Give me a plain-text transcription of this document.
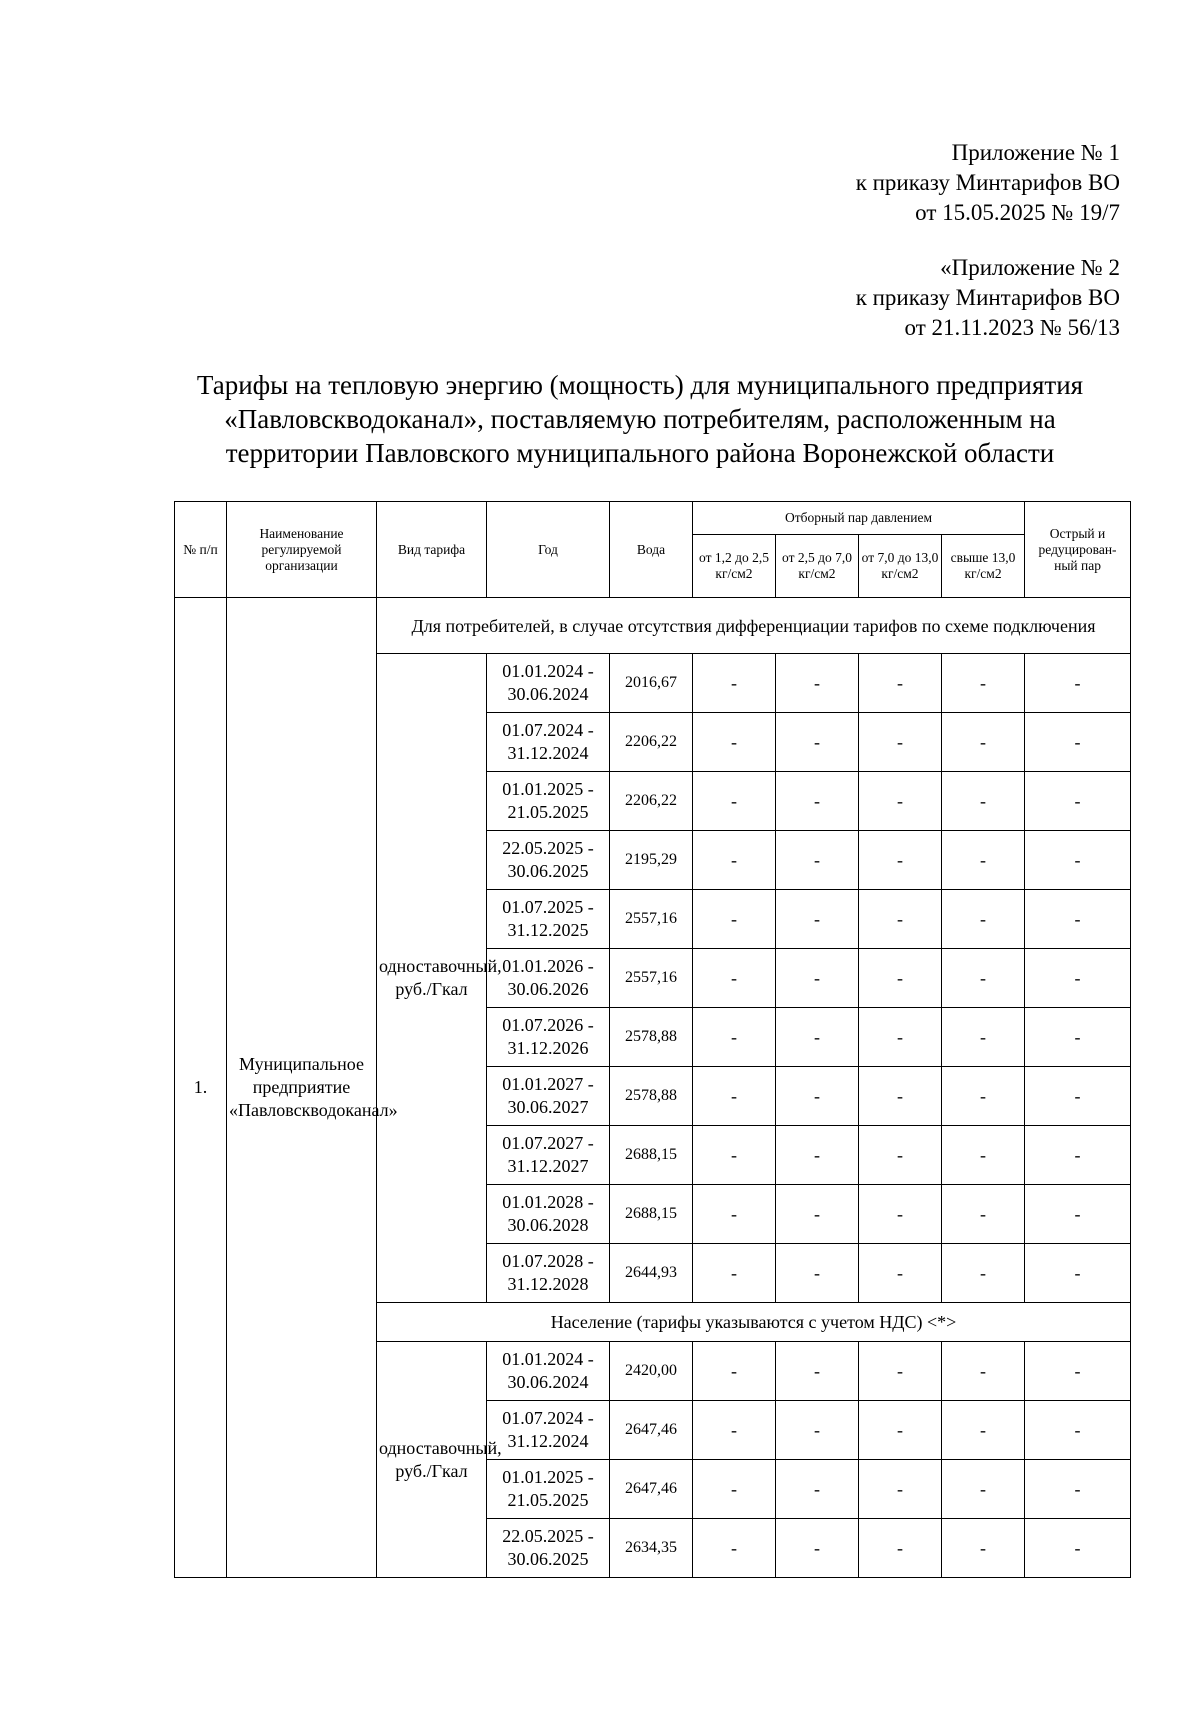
Приложение № 1
к приказу Минтарифов ВО
от 15.05.2025 № 19/7
«Приложение № 2
к приказу Минтарифов ВО
от 21.11.2023 № 56/13
Тарифы на тепловую энергию (мощность) для муниципального предприятия
«Павловскводоканал», поставляемую потребителям, расположенным на
территории Павловского муниципального района Воронежской области
№ п/п	Наименование регулируемой организации	Вид тарифа	Год	Вода	Отборный пар давлением				Острый и редуцирован-ный пар
					от 1,2 до 2,5 кг/см2	от 2,5 до 7,0 кг/см2	от 7,0 до 13,0 кг/см2	свыше 13,0 кг/см2	
1.	Муниципальное предприятие «Павловскводоканал»	Для потребителей, в случае отсутствия дифференциации тарифов по схеме подключения							
		одноставочный, руб./Гкал	01.01.2024 - 30.06.2024	2016,67	-	-	-	-	-
			01.07.2024 - 31.12.2024	2206,22	-	-	-	-	-
			01.01.2025 - 21.05.2025	2206,22	-	-	-	-	-
			22.05.2025 - 30.06.2025	2195,29	-	-	-	-	-
			01.07.2025 - 31.12.2025	2557,16	-	-	-	-	-
			01.01.2026 - 30.06.2026	2557,16	-	-	-	-	-
			01.07.2026 - 31.12.2026	2578,88	-	-	-	-	-
			01.01.2027 - 30.06.2027	2578,88	-	-	-	-	-
			01.07.2027 - 31.12.2027	2688,15	-	-	-	-	-
			01.01.2028 - 30.06.2028	2688,15	-	-	-	-	-
			01.07.2028 - 31.12.2028	2644,93	-	-	-	-	-
		Население (тарифы указываются с учетом НДС) <*>							
		одноставочный, руб./Гкал	01.01.2024 - 30.06.2024	2420,00	-	-	-	-	-
			01.07.2024 - 31.12.2024	2647,46	-	-	-	-	-
			01.01.2025 - 21.05.2025	2647,46	-	-	-	-	-
			22.05.2025 - 30.06.2025	2634,35	-	-	-	-	-
